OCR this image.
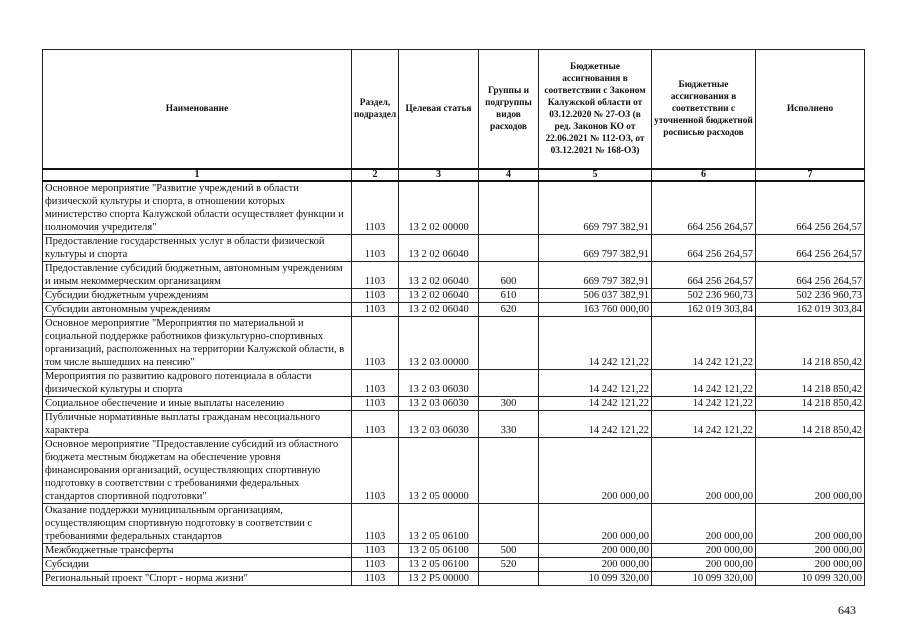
Наименование	Раздел, подраздел	Целевая статья	Группы и подгруппы видов расходов	Бюджетные ассигнования в соответствии с Законом Калужской области от 03.12.2020 № 27-ОЗ (в ред. Законов КО от 22.06.2021 № 112-ОЗ, от 03.12.2021 № 168-ОЗ)	Бюджетные ассигнования в соответствии с уточненной бюджетной росписью расходов	Исполнено
1	2	3	4	5	6	7
Основное мероприятие "Развитие учреждений в области физической культуры и спорта, в отношении которых министерство спорта Калужской области осуществляет функции и полномочия учредителя"	1103	13 2 02 00000		669 797 382,91	664 256 264,57	664 256 264,57
Предоставление государственных услуг в области физической культуры и спорта	1103	13 2 02 06040		669 797 382,91	664 256 264,57	664 256 264,57
Предоставление субсидий бюджетным, автономным учреждениям и иным некоммерческим организациям	1103	13 2 02 06040	600	669 797 382,91	664 256 264,57	664 256 264,57
Субсидии бюджетным учреждениям	1103	13 2 02 06040	610	506 037 382,91	502 236 960,73	502 236 960,73
Субсидии автономным учреждениям	1103	13 2 02 06040	620	163 760 000,00	162 019 303,84	162 019 303,84
Основное мероприятие "Мероприятия по материальной и социальной поддержке работников физкультурно-спортивных организаций, расположенных на территории Калужской области, в том числе вышедших на пенсию"	1103	13 2 03 00000		14 242 121,22	14 242 121,22	14 218 850,42
Мероприятия по развитию кадрового потенциала в области физической культуры и спорта	1103	13 2 03 06030		14 242 121,22	14 242 121,22	14 218 850,42
Социальное обеспечение и иные выплаты населению	1103	13 2 03 06030	300	14 242 121,22	14 242 121,22	14 218 850,42
Публичные нормативные выплаты гражданам несоциального характера	1103	13 2 03 06030	330	14 242 121,22	14 242 121,22	14 218 850,42
Основное мероприятие "Предоставление субсидий из областного бюджета местным бюджетам на обеспечение уровня финансирования организаций, осуществляющих спортивную подготовку в соответствии с требованиями федеральных стандартов спортивной подготовки"	1103	13 2 05 00000		200 000,00	200 000,00	200 000,00
Оказание поддержки муниципальным организациям, осуществляющим спортивную подготовку в соответствии с требованиями федеральных стандартов	1103	13 2 05 06100		200 000,00	200 000,00	200 000,00
Межбюджетные трансферты	1103	13 2 05 06100	500	200 000,00	200 000,00	200 000,00
Субсидии	1103	13 2 05 06100	520	200 000,00	200 000,00	200 000,00
Региональный проект "Спорт - норма жизни"	1103	13 2 P5 00000		10 099 320,00	10 099 320,00	10 099 320,00
643
